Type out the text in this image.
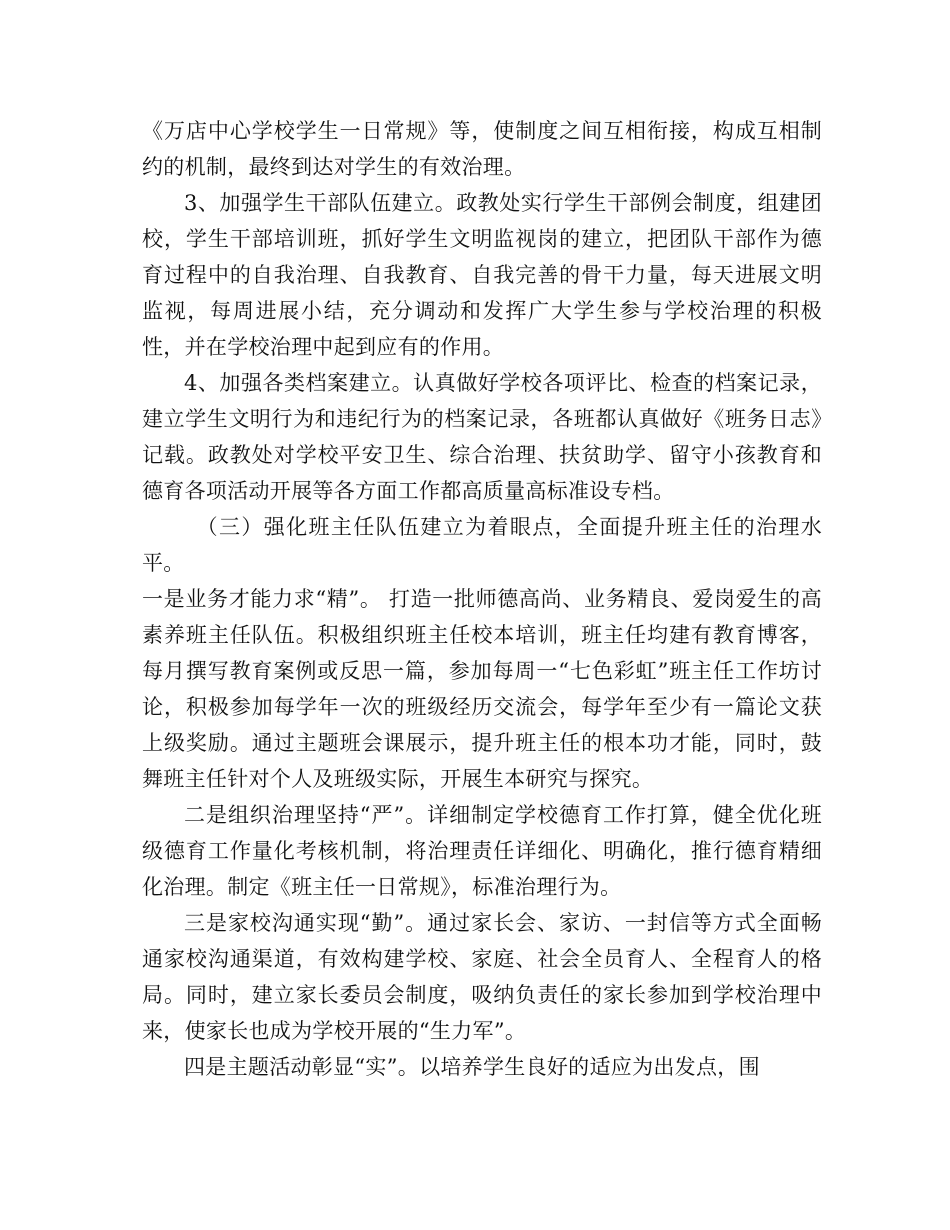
《万店中心学校学生一日常规》等，使制度之间互相衔接，构成互相制约的机制，最终到达对学生的有效治理。

3、加强学生干部队伍建立。政教处实行学生干部例会制度，组建团校，学生干部培训班，抓好学生文明监视岗的建立，把团队干部作为德育过程中的自我治理、自我教育、自我完善的骨干力量，每天进展文明监视，每周进展小结，充分调动和发挥广大学生参与学校治理的积极性，并在学校治理中起到应有的作用。

4、加强各类档案建立。认真做好学校各项评比、检查的档案记录，建立学生文明行为和违纪行为的档案记录，各班都认真做好《班务日志》记载。政教处对学校平安卫生、综合治理、扶贫助学、留守小孩教育和德育各项活动开展等各方面工作都高质量高标准设专档。

（三）强化班主任队伍建立为着眼点，全面提升班主任的治理水平。

一是业务才能力求“精”。 打造一批师德高尚、业务精良、爱岗爱生的高素养班主任队伍。积极组织班主任校本培训，班主任均建有教育博客，每月撰写教育案例或反思一篇，参加每周一“七色彩虹”班主任工作坊讨论，积极参加每学年一次的班级经历交流会，每学年至少有一篇论文获上级奖励。通过主题班会课展示，提升班主任的根本功才能，同时，鼓舞班主任针对个人及班级实际，开展生本研究与探究。

二是组织治理坚持“严”。详细制定学校德育工作打算，健全优化班级德育工作量化考核机制，将治理责任详细化、明确化，推行德育精细化治理。制定《班主任一日常规》，标准治理行为。

三是家校沟通实现“勤”。通过家长会、家访、一封信等方式全面畅通家校沟通渠道，有效构建学校、家庭、社会全员育人、全程育人的格局。同时，建立家长委员会制度，吸纳负责任的家长参加到学校治理中来，使家长也成为学校开展的“生力军”。

四是主题活动彰显“实”。以培养学生良好的适应为出发点，围
